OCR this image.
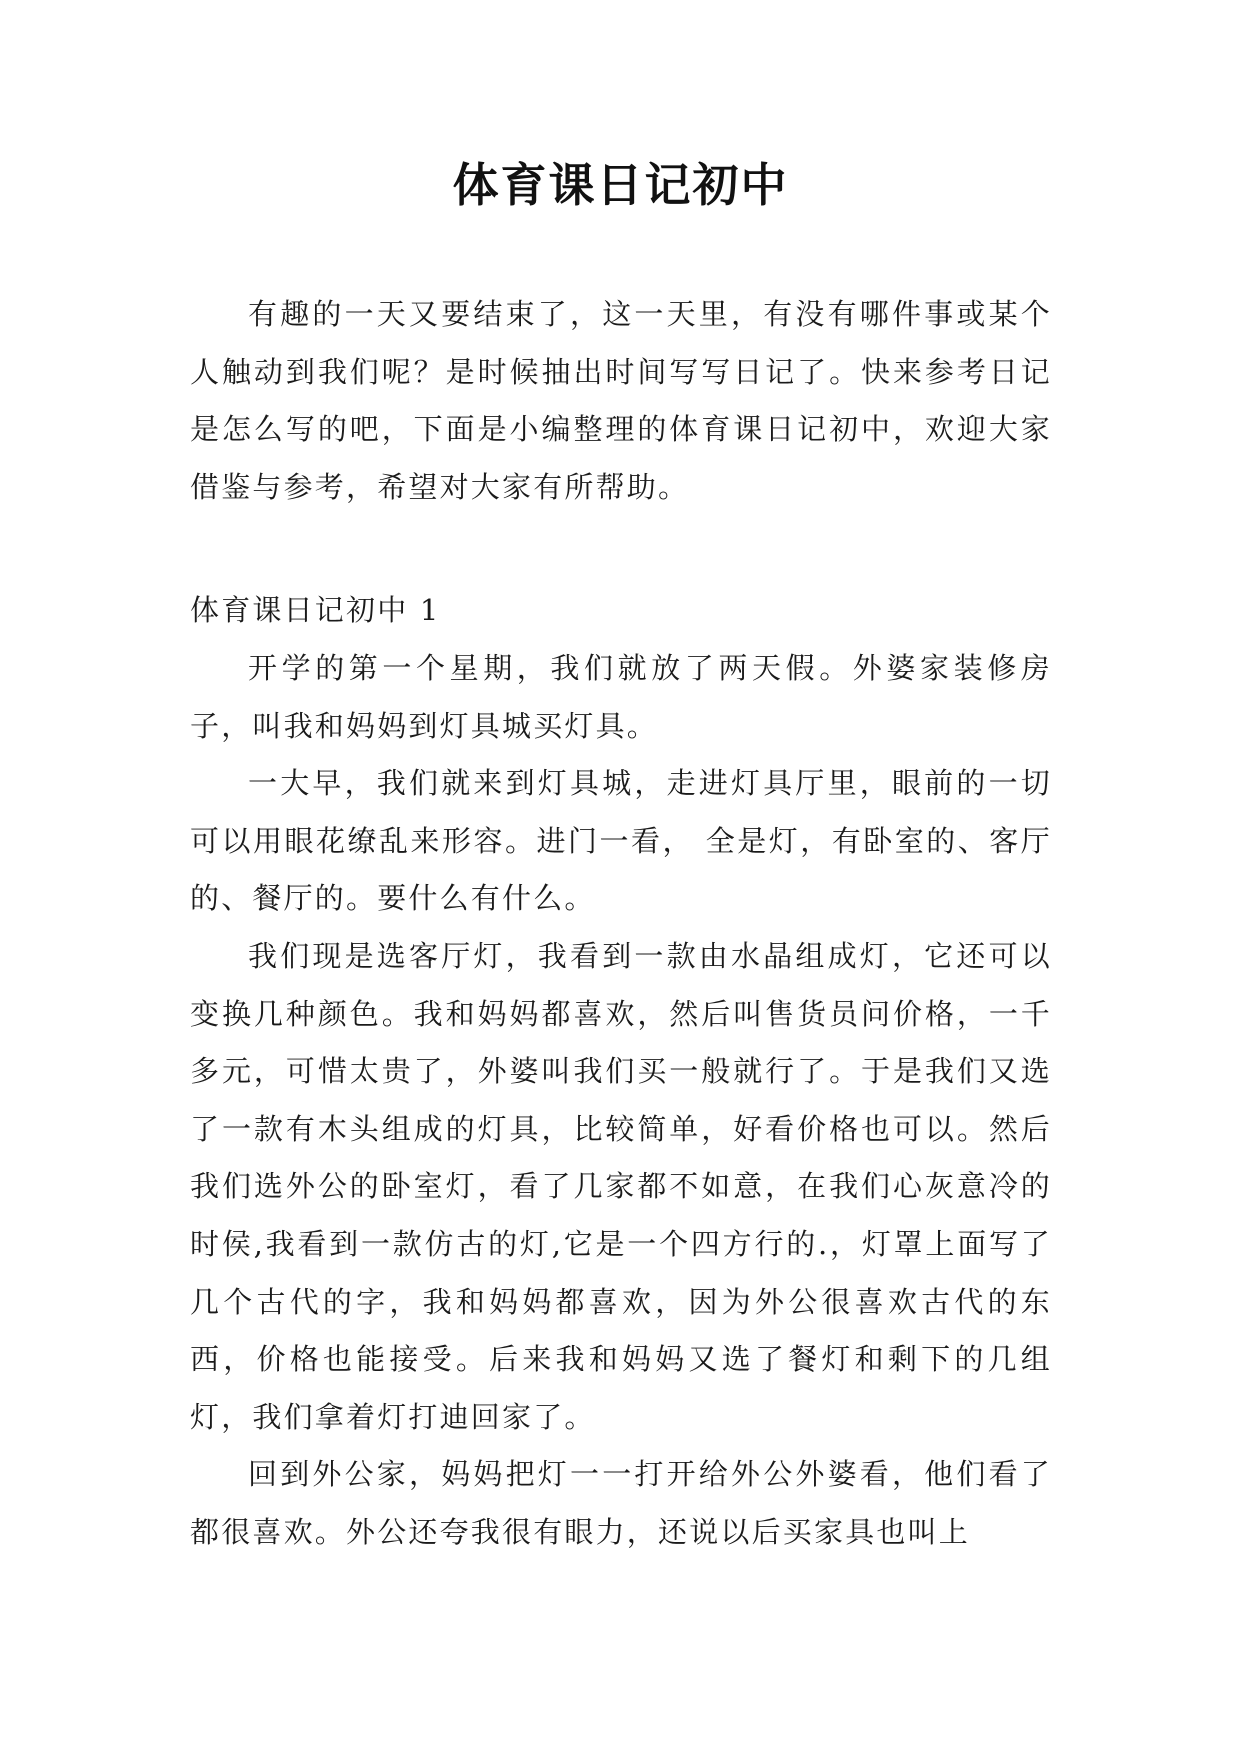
体育课日记初中

有趣的一天又要结束了，这一天里，有没有哪件事或某个人触动到我们呢？是时候抽出时间写写日记了。快来参考日记是怎么写的吧，下面是小编整理的体育课日记初中，欢迎大家借鉴与参考，希望对大家有所帮助。

体育课日记初中 1

开学的第一个星期，我们就放了两天假。外婆家装修房子，叫我和妈妈到灯具城买灯具。

一大早，我们就来到灯具城，走进灯具厅里，眼前的一切可以用眼花缭乱来形容。进门一看， 全是灯，有卧室的、客厅的、餐厅的。要什么有什么。

我们现是选客厅灯，我看到一款由水晶组成灯，它还可以变换几种颜色。我和妈妈都喜欢，然后叫售货员问价格，一千多元，可惜太贵了，外婆叫我们买一般就行了。于是我们又选了一款有木头组成的灯具，比较简单，好看价格也可以。然后我们选外公的卧室灯，看了几家都不如意，在我们心灰意冷的时侯,我看到一款仿古的灯,它是一个四方行的.，灯罩上面写了几个古代的字，我和妈妈都喜欢，因为外公很喜欢古代的东西，价格也能接受。后来我和妈妈又选了餐灯和剩下的几组灯，我们拿着灯打迪回家了。

回到外公家，妈妈把灯一一打开给外公外婆看，他们看了都很喜欢。外公还夸我很有眼力，还说以后买家具也叫上
